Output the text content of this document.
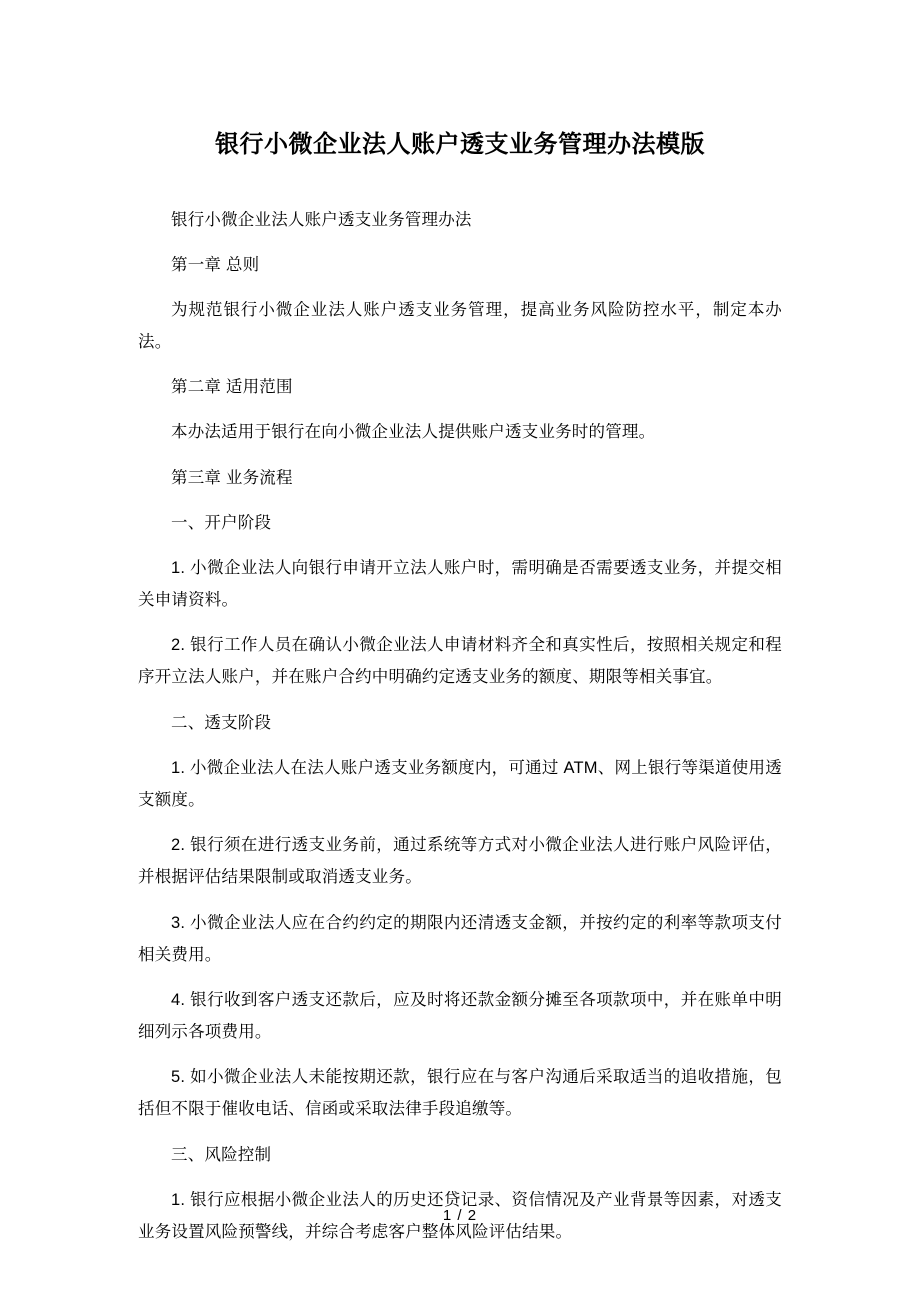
银行小微企业法人账户透支业务管理办法模版

银行小微企业法人账户透支业务管理办法

第一章 总则

为规范银行小微企业法人账户透支业务管理，提高业务风险防控水平，制定本办法。

第二章 适用范围

本办法适用于银行在向小微企业法人提供账户透支业务时的管理。

第三章 业务流程

一、开户阶段

1. 小微企业法人向银行申请开立法人账户时，需明确是否需要透支业务，并提交相关申请资料。

2. 银行工作人员在确认小微企业法人申请材料齐全和真实性后，按照相关规定和程序开立法人账户，并在账户合约中明确约定透支业务的额度、期限等相关事宜。

二、透支阶段

1. 小微企业法人在法人账户透支业务额度内，可通过 ATM、网上银行等渠道使用透支额度。

2. 银行须在进行透支业务前，通过系统等方式对小微企业法人进行账户风险评估，并根据评估结果限制或取消透支业务。

3. 小微企业法人应在合约约定的期限内还清透支金额，并按约定的利率等款项支付相关费用。

4. 银行收到客户透支还款后，应及时将还款金额分摊至各项款项中，并在账单中明细列示各项费用。

5. 如小微企业法人未能按期还款，银行应在与客户沟通后采取适当的追收措施，包括但不限于催收电话、信函或采取法律手段追缴等。

三、风险控制

1. 银行应根据小微企业法人的历史还贷记录、资信情况及产业背景等因素，对透支业务设置风险预警线，并综合考虑客户整体风险评估结果。

1 / 2
